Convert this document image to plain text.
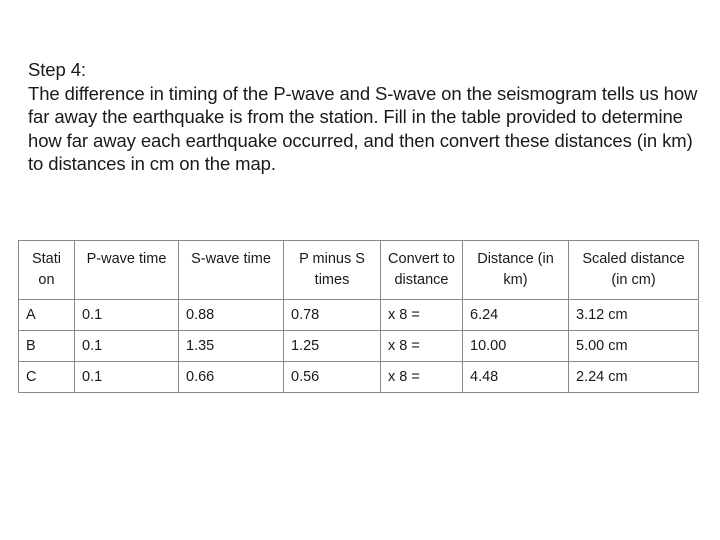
Step 4:

The difference in timing of the P-wave and S-wave on the seismogram tells us how far away the earthquake is from the station. Fill in the table provided to determine how far away each earthquake occurred, and then convert these distances (in km) to distances in cm on the map.

Stati on	P-wave time	S-wave time	P minus S times	Convert to distance	Distance (in km)	Scaled distance (in cm)
A	0.1	0.88	0.78	x 8 =	6.24	3.12 cm
B	0.1	1.35	1.25	x 8 =	10.00	5.00 cm
C	0.1	0.66	0.56	x 8 =	4.48	2.24 cm
